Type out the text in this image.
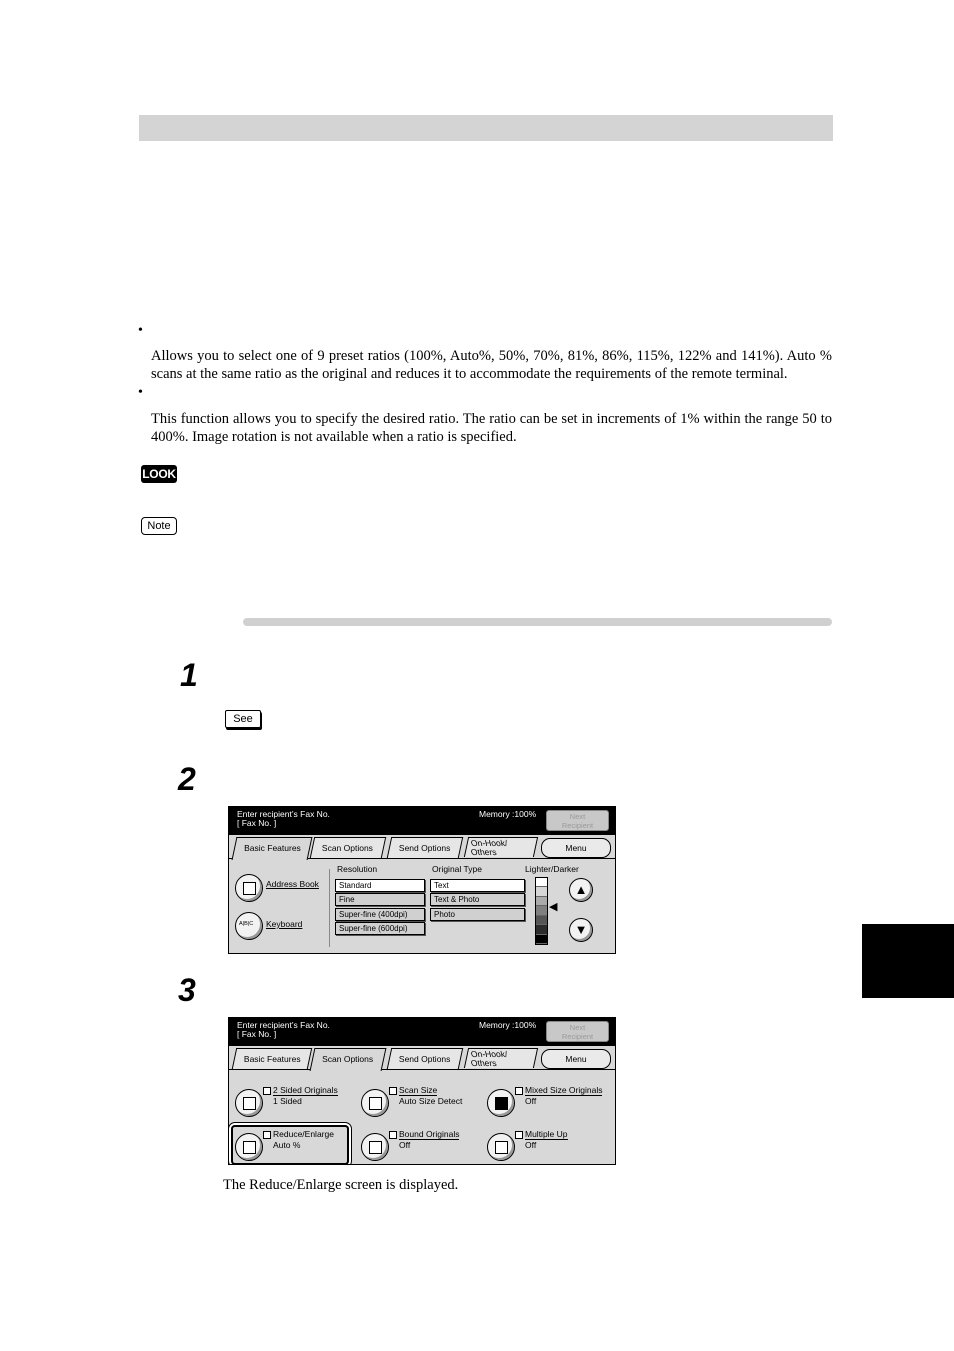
•
Allows you to select one of 9 preset ratios (100%, Auto%, 50%, 70%, 81%, 86%, 115%, 122% and 141%). Auto % scans at the same ratio as the original and reduces it to accommodate the requirements of the remote terminal.
•
This function allows you to specify the desired ratio. The ratio can be set in increments of 1% within the range 50 to 400%. Image rotation is not available when a ratio is specified.
LOOK
Note
1
See
2
3
Enter recipient’s Fax No.
[ Fax No. ]
Memory :100%	Next
Recipient
Basic Features	Scan Options	Send Options	On-Hook/
Others	Menu
Address Book
A|B|C Keyboard
Resolution
Standard
Fine
Super-fine (400dpi)
Super-fine (600dpi)
Original Type
Text
Text & Photo
Photo
Lighter/Darker
◀
▲
▼
Enter recipient’s Fax No.
[ Fax No. ]
Memory :100%	Next
Recipient
Basic Features	Scan Options	Send Options	On-Hook/
Others	Menu
2 Sided Originals
1 Sided
Scan Size
Auto Size Detect
Mixed Size Originals
Off
Reduce/Enlarge
Auto %
Bound Originals
Off
Multiple Up
Off
The Reduce/Enlarge screen is displayed.
